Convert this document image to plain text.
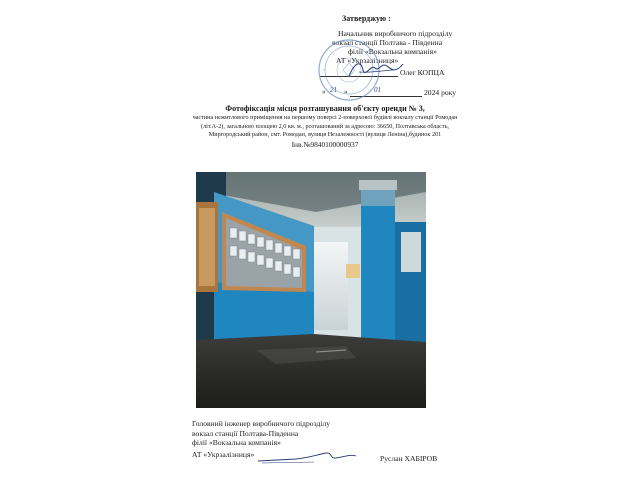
Затверджую :
Начальник виробничого підрозділу
вокзал станції Полтава - Південна
філії «Вокзальна компанія»
АТ «Укрзалізниця»
Олег КОПЦА
« 21 »	01	2024 року
Фотофіксація місця розташування об'єкту оренди № 3,
частина нежитлового приміщення на першому поверсі 2-поверхової будівлі вокзалу станції Ромодан (літ.А-2), загальною площею 2,0 кв. м., розташований за адресою: 36650, Полтавська область, Миргородський район, смт. Ромодан, вулиця Незалежності (вулиця Леніна),будинок 201
Інв.№9840100000937
Головний інженер виробничого підрозділу
вокзал станції Полтава-Південна
філії «Вокзальна компанія»
АТ «Укрзалізниця»	Руслан ХАБІРОВ
